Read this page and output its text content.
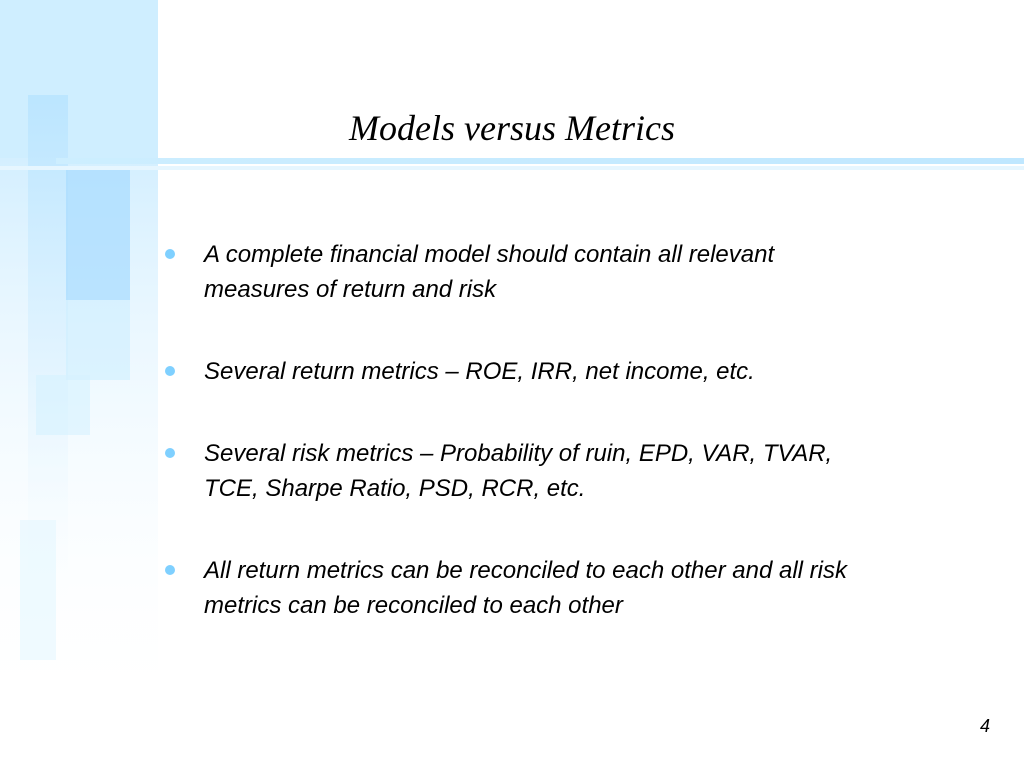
Models versus Metrics
A complete financial model should contain all relevant measures of return and risk
Several return metrics – ROE, IRR, net income, etc.
Several risk metrics – Probability of ruin, EPD, VAR, TVAR, TCE, Sharpe Ratio, PSD, RCR, etc.
All return metrics can be reconciled to each other and all risk metrics can be reconciled to each other
4
